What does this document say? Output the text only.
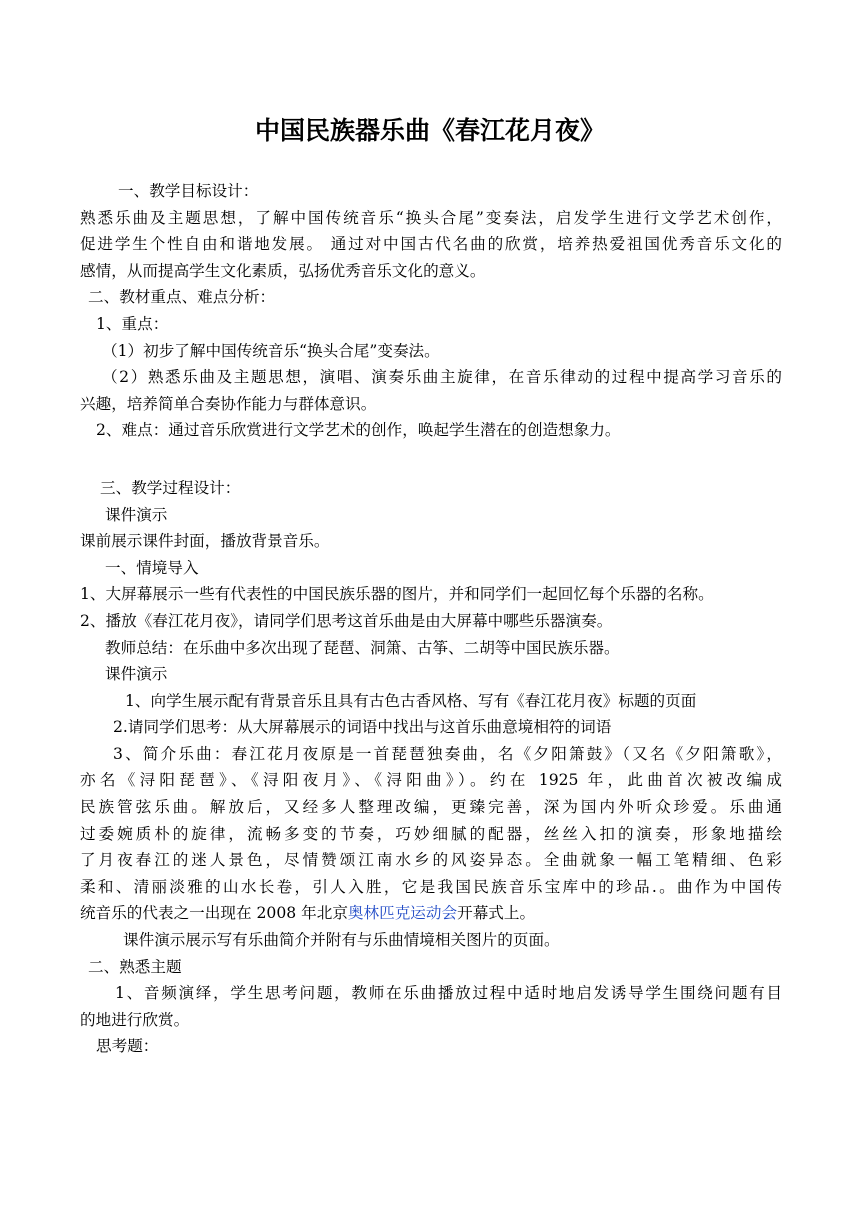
中国民族器乐曲《春江花月夜》

一、教学目标设计：

熟悉乐曲及主题思想，了解中国传统音乐“换头合尾”变奏法，启发学生进行文学艺术创作，

促进学生个性自由和谐地发展。 通过对中国古代名曲的欣赏，培养热爱祖国优秀音乐文化的

感情，从而提高学生文化素质，弘扬优秀音乐文化的意义。

二、教材重点、难点分析：

1、重点：

（1）初步了解中国传统音乐“换头合尾”变奏法。

（2）熟悉乐曲及主题思想，演唱、演奏乐曲主旋律，在音乐律动的过程中提高学习音乐的

兴趣，培养简单合奏协作能力与群体意识。

2、难点：通过音乐欣赏进行文学艺术的创作，唤起学生潜在的创造想象力。

三、教学过程设计：

课件演示

课前展示课件封面，播放背景音乐。

一、情境导入

1、大屏幕展示一些有代表性的中国民族乐器的图片，并和同学们一起回忆每个乐器的名称。

2、播放《春江花月夜》，请同学们思考这首乐曲是由大屏幕中哪些乐器演奏。

教师总结：在乐曲中多次出现了琵琶、洞箫、古筝、二胡等中国民族乐器。

课件演示

1、向学生展示配有背景音乐且具有古色古香风格、写有《春江花月夜》标题的页面

2.请同学们思考：从大屏幕展示的词语中找出与这首乐曲意境相符的词语

3、简介乐曲：春江花月夜原是一首琵琶独奏曲，名《夕阳箫鼓》（又名《夕阳箫歌》，

亦名《浔阳琵琶》、《浔阳夜月》、《浔阳曲》）。约在 1925 年，此曲首次被改编成

民族管弦乐曲。解放后，又经多人整理改编，更臻完善，深为国内外听众珍爱。乐曲通

过委婉质朴的旋律，流畅多变的节奏，巧妙细腻的配器，丝丝入扣的演奏，形象地描绘

了月夜春江的迷人景色，尽情赞颂江南水乡的风姿异态。全曲就象一幅工笔精细、色彩

柔和、清丽淡雅的山水长卷，引人入胜，它是我国民族音乐宝库中的珍品.。曲作为中国传

统音乐的代表之一出现在 2008 年北京奥林匹克运动会开幕式上。

课件演示展示写有乐曲简介并附有与乐曲情境相关图片的页面。

二、熟悉主题

1、音频演绎，学生思考问题，教师在乐曲播放过程中适时地启发诱导学生围绕问题有目

的地进行欣赏。

思考题：
